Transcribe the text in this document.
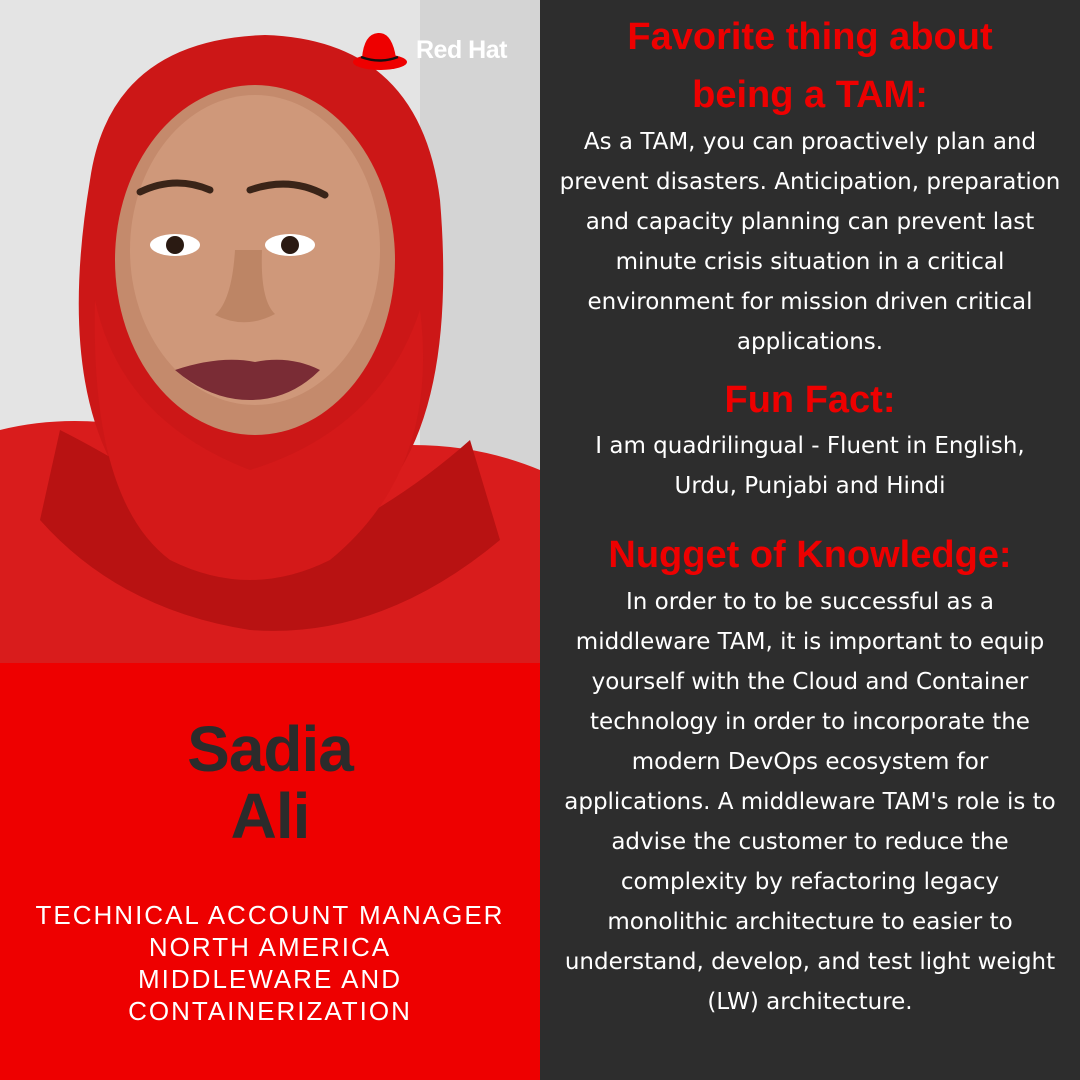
Red Hat
Sadia
Ali
TECHNICAL ACCOUNT MANAGER
NORTH AMERICA
MIDDLEWARE AND
CONTAINERIZATION
Favorite thing about
being a TAM:
As a TAM, you can proactively plan and prevent disasters. Anticipation, preparation and capacity planning can prevent last minute crisis situation in a critical environment for mission driven critical applications.
Fun Fact:
I am quadrilingual - Fluent in English, Urdu, Punjabi and Hindi
Nugget of Knowledge:
In order to to be successful as a middleware TAM, it is important to equip yourself with the Cloud and Container technology in order to incorporate the modern DevOps ecosystem for applications. A middleware TAM's role is to advise the customer to reduce the complexity by refactoring legacy monolithic architecture to easier to understand, develop, and test light weight (LW) architecture.
